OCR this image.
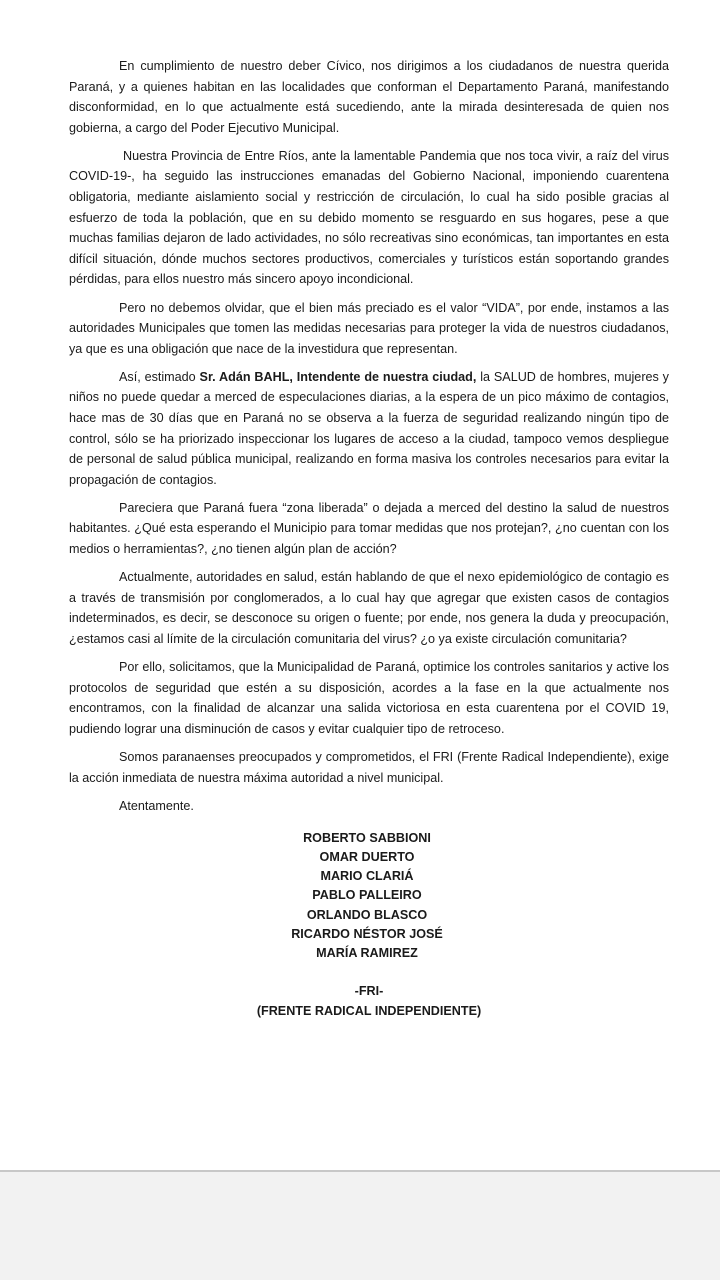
En cumplimiento de nuestro deber Cívico, nos dirigimos a los ciudadanos de nuestra querida Paraná, y a quienes habitan en las localidades que conforman el Departamento Paraná, manifestando disconformidad, en lo que actualmente está sucediendo, ante la mirada desinteresada de quien nos gobierna, a cargo del Poder Ejecutivo Municipal.

Nuestra Provincia de Entre Ríos, ante la lamentable Pandemia que nos toca vivir, a raíz del virus COVID-19-, ha seguido las instrucciones emanadas del Gobierno Nacional, imponiendo cuarentena obligatoria, mediante aislamiento social y restricción de circulación, lo cual ha sido posible gracias al esfuerzo de toda la población, que en su debido momento se resguardo en sus hogares, pese a que muchas familias dejaron de lado actividades, no sólo recreativas sino económicas, tan importantes en esta difícil situación, dónde muchos sectores productivos, comerciales y turísticos están soportando grandes pérdidas, para ellos nuestro más sincero apoyo incondicional.

Pero no debemos olvidar, que el bien más preciado es el valor “VIDA”, por ende, instamos a las autoridades Municipales que tomen las medidas necesarias para proteger la vida de nuestros ciudadanos, ya que es una obligación que nace de la investidura que representan.

Así, estimado Sr. Adán BAHL, Intendente de nuestra ciudad, la SALUD de hombres, mujeres y niños no puede quedar a merced de especulaciones diarias, a la espera de un pico máximo de contagios, hace mas de 30 días que en Paraná no se observa a la fuerza de seguridad realizando ningún tipo de control, sólo se ha priorizado inspeccionar los lugares de acceso a la ciudad, tampoco vemos despliegue de personal de salud pública municipal, realizando en forma masiva los controles necesarios para evitar la propagación de contagios.

Pareciera que Paraná fuera “zona liberada” o dejada a merced del destino la salud de nuestros habitantes. ¿Qué esta esperando el Municipio para tomar medidas que nos protejan?, ¿no cuentan con los medios o herramientas?, ¿no tienen algún plan de acción?

Actualmente, autoridades en salud, están hablando de que el nexo epidemiológico de contagio es a través de transmisión por conglomerados, a lo cual hay que agregar que existen casos de contagios indeterminados, es decir, se desconoce su origen o fuente; por ende, nos genera la duda y preocupación, ¿estamos casi al límite de la circulación comunitaria del virus? ¿o ya existe circulación comunitaria?

Por ello, solicitamos, que la Municipalidad de Paraná, optimice los controles sanitarios y active los protocolos de seguridad que estén a su disposición, acordes a la fase en la que actualmente nos encontramos, con la finalidad de alcanzar una salida victoriosa en esta cuarentena por el COVID 19, pudiendo lograr una disminución de casos y evitar cualquier tipo de retroceso.

Somos paranaenses preocupados y comprometidos, el FRI (Frente Radical Independiente), exige la acción inmediata de nuestra máxima autoridad a nivel municipal.

Atentamente.

ROBERTO SABBIONI
OMAR DUERTO
MARIO CLARIÁ
PABLO PALLEIRO
ORLANDO BLASCO
RICARDO NÉSTOR JOSÉ
MARÍA RAMIREZ
-FRI-
(FRENTE RADICAL INDEPENDIENTE)
